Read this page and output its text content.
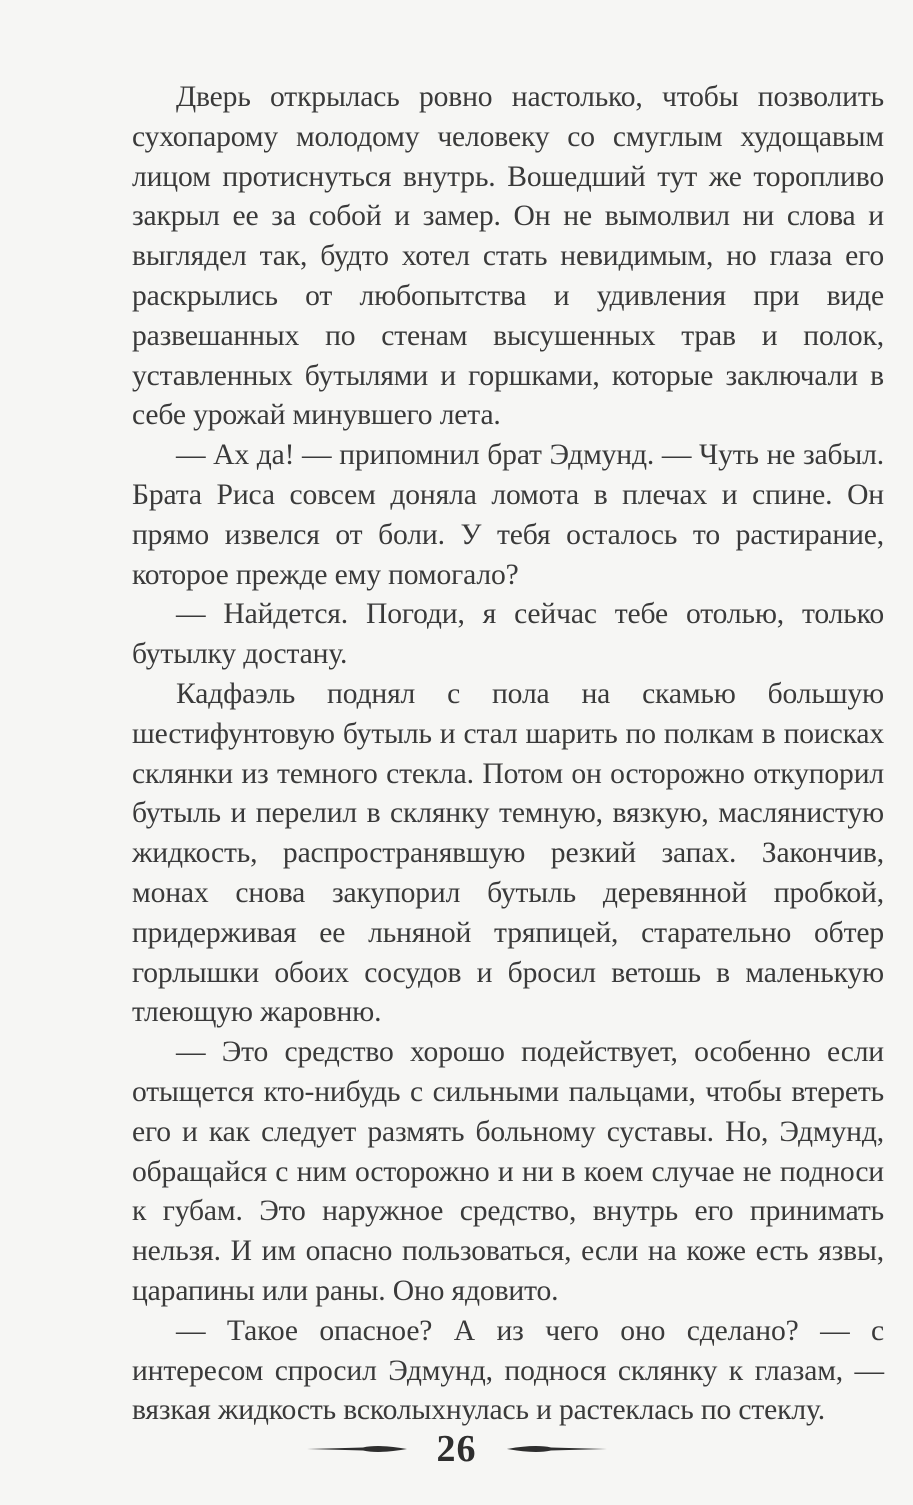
Дверь открылась ровно настолько, чтобы позволить сухопарому молодому человеку со смуглым худощавым лицом протиснуться внутрь. Вошедший тут же торопливо закрыл ее за собой и замер. Он не вымолвил ни слова и выглядел так, будто хотел стать невидимым, но глаза его раскрылись от любопытства и удивления при виде развешанных по стенам высушенных трав и полок, уставленных бутылями и горшками, которые заключали в себе урожай минувшего лета.

— Ах да! — припомнил брат Эдмунд. — Чуть не забыл. Брата Риса совсем доняла ломота в плечах и спине. Он прямо извелся от боли. У тебя осталось то растирание, которое прежде ему помогало?

— Найдется. Погоди, я сейчас тебе отолью, только бутылку достану.

Кадфаэль поднял с пола на скамью большую шестифунтовую бутыль и стал шарить по полкам в поисках склянки из темного стекла. Потом он осторожно откупорил бутыль и перелил в склянку темную, вязкую, маслянистую жидкость, распространявшую резкий запах. Закончив, монах снова закупорил бутыль деревянной пробкой, придерживая ее льняной тряпицей, старательно обтер горлышки обоих сосудов и бросил ветошь в маленькую тлеющую жаровню.

— Это средство хорошо подействует, особенно если отыщется кто-нибудь с сильными пальцами, чтобы втереть его и как следует размять больному суставы. Но, Эдмунд, обращайся с ним осторожно и ни в коем случае не подноси к губам. Это наружное средство, внутрь его принимать нельзя. И им опасно пользоваться, если на коже есть язвы, царапины или раны. Оно ядовито.

— Такое опасное? А из чего оно сделано? — с интересом спросил Эдмунд, поднося склянку к глазам, — вязкая жидкость всколыхнулась и растеклась по стеклу.

26
